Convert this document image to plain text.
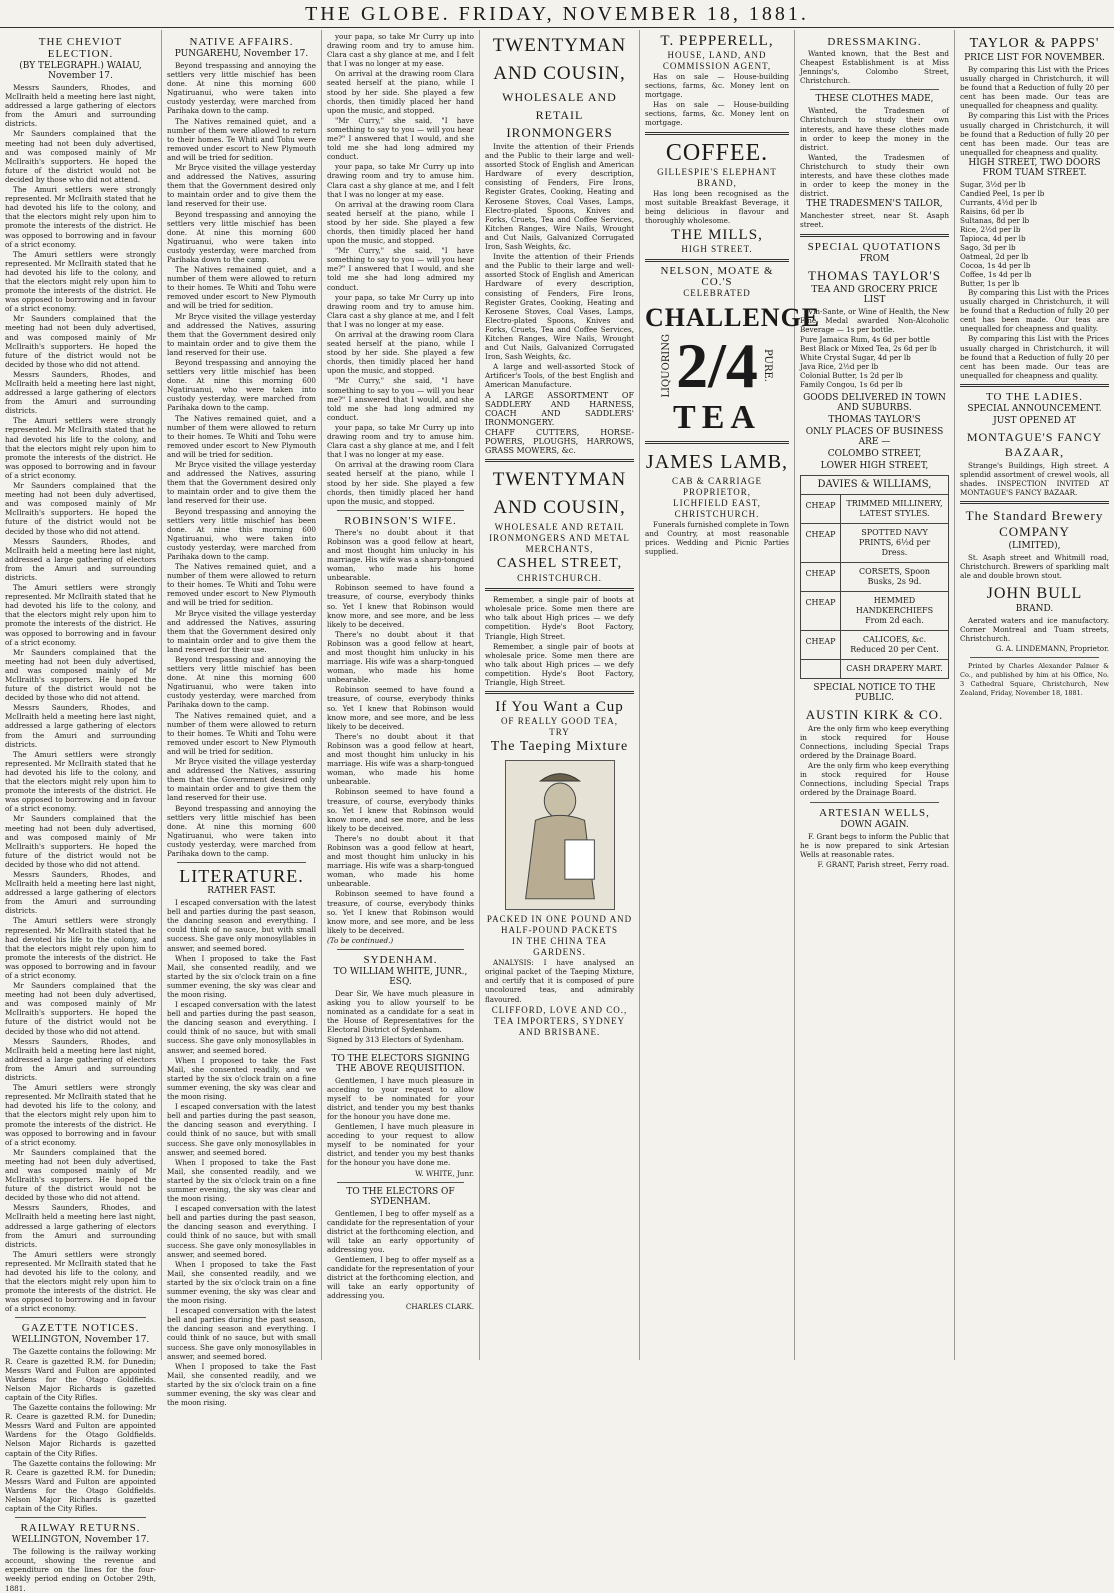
THE GLOBE. FRIDAY, NOVEMBER 18, 1881.
THE CHEVIOT ELECTION.
(BY TELEGRAPH.) WAIAU, November 17.

Messrs Saunders, Rhodes, and McIlraith held a meeting here last night, addressed a large gathering of electors from the Amuri and surrounding districts.

Mr Saunders complained that the meeting had not been duly advertised, and was composed mainly of Mr McIlraith's supporters. He hoped the future of the district would not be decided by those who did not attend.

The Amuri settlers were strongly represented. Mr McIlraith stated that he had devoted his life to the colony, and that the electors might rely upon him to promote the interests of the district. He was opposed to borrowing and in favour of a strict economy.

The Amuri settlers were strongly represented. Mr McIlraith stated that he had devoted his life to the colony, and that the electors might rely upon him to promote the interests of the district. He was opposed to borrowing and in favour of a strict economy.

Mr Saunders complained that the meeting had not been duly advertised, and was composed mainly of Mr McIlraith's supporters. He hoped the future of the district would not be decided by those who did not attend.

Messrs Saunders, Rhodes, and McIlraith held a meeting here last night, addressed a large gathering of electors from the Amuri and surrounding districts.

The Amuri settlers were strongly represented. Mr McIlraith stated that he had devoted his life to the colony, and that the electors might rely upon him to promote the interests of the district. He was opposed to borrowing and in favour of a strict economy.

Mr Saunders complained that the meeting had not been duly advertised, and was composed mainly of Mr McIlraith's supporters. He hoped the future of the district would not be decided by those who did not attend.

Messrs Saunders, Rhodes, and McIlraith held a meeting here last night, addressed a large gathering of electors from the Amuri and surrounding districts.

The Amuri settlers were strongly represented. Mr McIlraith stated that he had devoted his life to the colony, and that the electors might rely upon him to promote the interests of the district. He was opposed to borrowing and in favour of a strict economy.

Mr Saunders complained that the meeting had not been duly advertised, and was composed mainly of Mr McIlraith's supporters. He hoped the future of the district would not be decided by those who did not attend.

Messrs Saunders, Rhodes, and McIlraith held a meeting here last night, addressed a large gathering of electors from the Amuri and surrounding districts.

The Amuri settlers were strongly represented. Mr McIlraith stated that he had devoted his life to the colony, and that the electors might rely upon him to promote the interests of the district. He was opposed to borrowing and in favour of a strict economy.

Mr Saunders complained that the meeting had not been duly advertised, and was composed mainly of Mr McIlraith's supporters. He hoped the future of the district would not be decided by those who did not attend.

Messrs Saunders, Rhodes, and McIlraith held a meeting here last night, addressed a large gathering of electors from the Amuri and surrounding districts.

The Amuri settlers were strongly represented. Mr McIlraith stated that he had devoted his life to the colony, and that the electors might rely upon him to promote the interests of the district. He was opposed to borrowing and in favour of a strict economy.

Mr Saunders complained that the meeting had not been duly advertised, and was composed mainly of Mr McIlraith's supporters. He hoped the future of the district would not be decided by those who did not attend.

Messrs Saunders, Rhodes, and McIlraith held a meeting here last night, addressed a large gathering of electors from the Amuri and surrounding districts.

The Amuri settlers were strongly represented. Mr McIlraith stated that he had devoted his life to the colony, and that the electors might rely upon him to promote the interests of the district. He was opposed to borrowing and in favour of a strict economy.

Mr Saunders complained that the meeting had not been duly advertised, and was composed mainly of Mr McIlraith's supporters. He hoped the future of the district would not be decided by those who did not attend.

Messrs Saunders, Rhodes, and McIlraith held a meeting here last night, addressed a large gathering of electors from the Amuri and surrounding districts.

The Amuri settlers were strongly represented. Mr McIlraith stated that he had devoted his life to the colony, and that the electors might rely upon him to promote the interests of the district. He was opposed to borrowing and in favour of a strict economy.

GAZETTE NOTICES.
WELLINGTON, November 17.

The Gazette contains the following: Mr R. Ceare is gazetted R.M. for Dunedin; Messrs Ward and Fulton are appointed Wardens for the Otago Goldfields. Nelson Major Richards is gazetted captain of the City Rifles.

The Gazette contains the following: Mr R. Ceare is gazetted R.M. for Dunedin; Messrs Ward and Fulton are appointed Wardens for the Otago Goldfields. Nelson Major Richards is gazetted captain of the City Rifles.

The Gazette contains the following: Mr R. Ceare is gazetted R.M. for Dunedin; Messrs Ward and Fulton are appointed Wardens for the Otago Goldfields. Nelson Major Richards is gazetted captain of the City Rifles.

RAILWAY RETURNS.
WELLINGTON, November 17.

The following is the railway working account, showing the revenue and expenditure on the lines for the four-weekly period ending on October 29th, 1881.

NATIVE AFFAIRS.
PUNGAREHU, November 17.

Beyond trespassing and annoying the settlers very little mischief has been done. At nine this morning 600 Ngatiruanui, who were taken into custody yesterday, were marched from Parihaka down to the camp.

The Natives remained quiet, and a number of them were allowed to return to their homes. Te Whiti and Tohu were removed under escort to New Plymouth and will be tried for sedition.

Mr Bryce visited the village yesterday and addressed the Natives, assuring them that the Government desired only to maintain order and to give them the land reserved for their use.

Beyond trespassing and annoying the settlers very little mischief has been done. At nine this morning 600 Ngatiruanui, who were taken into custody yesterday, were marched from Parihaka down to the camp.

The Natives remained quiet, and a number of them were allowed to return to their homes. Te Whiti and Tohu were removed under escort to New Plymouth and will be tried for sedition.

Mr Bryce visited the village yesterday and addressed the Natives, assuring them that the Government desired only to maintain order and to give them the land reserved for their use.

Beyond trespassing and annoying the settlers very little mischief has been done. At nine this morning 600 Ngatiruanui, who were taken into custody yesterday, were marched from Parihaka down to the camp.

The Natives remained quiet, and a number of them were allowed to return to their homes. Te Whiti and Tohu were removed under escort to New Plymouth and will be tried for sedition.

Mr Bryce visited the village yesterday and addressed the Natives, assuring them that the Government desired only to maintain order and to give them the land reserved for their use.

Beyond trespassing and annoying the settlers very little mischief has been done. At nine this morning 600 Ngatiruanui, who were taken into custody yesterday, were marched from Parihaka down to the camp.

The Natives remained quiet, and a number of them were allowed to return to their homes. Te Whiti and Tohu were removed under escort to New Plymouth and will be tried for sedition.

Mr Bryce visited the village yesterday and addressed the Natives, assuring them that the Government desired only to maintain order and to give them the land reserved for their use.

Beyond trespassing and annoying the settlers very little mischief has been done. At nine this morning 600 Ngatiruanui, who were taken into custody yesterday, were marched from Parihaka down to the camp.

The Natives remained quiet, and a number of them were allowed to return to their homes. Te Whiti and Tohu were removed under escort to New Plymouth and will be tried for sedition.

Mr Bryce visited the village yesterday and addressed the Natives, assuring them that the Government desired only to maintain order and to give them the land reserved for their use.

Beyond trespassing and annoying the settlers very little mischief has been done. At nine this morning 600 Ngatiruanui, who were taken into custody yesterday, were marched from Parihaka down to the camp.

LITERATURE.
RATHER FAST.

I escaped conversation with the latest bell and parties during the past season, the dancing season and everything. I could think of no sauce, but with small success. She gave only monosyllables in answer, and seemed bored.

When I proposed to take the Fast Mail, she consented readily, and we started by the six o'clock train on a fine summer evening, the sky was clear and the moon rising.

I escaped conversation with the latest bell and parties during the past season, the dancing season and everything. I could think of no sauce, but with small success. She gave only monosyllables in answer, and seemed bored.

When I proposed to take the Fast Mail, she consented readily, and we started by the six o'clock train on a fine summer evening, the sky was clear and the moon rising.

I escaped conversation with the latest bell and parties during the past season, the dancing season and everything. I could think of no sauce, but with small success. She gave only monosyllables in answer, and seemed bored.

When I proposed to take the Fast Mail, she consented readily, and we started by the six o'clock train on a fine summer evening, the sky was clear and the moon rising.

I escaped conversation with the latest bell and parties during the past season, the dancing season and everything. I could think of no sauce, but with small success. She gave only monosyllables in answer, and seemed bored.

When I proposed to take the Fast Mail, she consented readily, and we started by the six o'clock train on a fine summer evening, the sky was clear and the moon rising.

I escaped conversation with the latest bell and parties during the past season, the dancing season and everything. I could think of no sauce, but with small success. She gave only monosyllables in answer, and seemed bored.

When I proposed to take the Fast Mail, she consented readily, and we started by the six o'clock train on a fine summer evening, the sky was clear and the moon rising.

your papa, so take Mr Curry up into drawing room and try to amuse him. Clara cast a shy glance at me, and I felt that I was no longer at my ease.

On arrival at the drawing room Clara seated herself at the piano, while I stood by her side. She played a few chords, then timidly placed her hand upon the music, and stopped.

"Mr Curry," she said, "I have something to say to you — will you hear me?" I answered that I would, and she told me she had long admired my conduct.

your papa, so take Mr Curry up into drawing room and try to amuse him. Clara cast a shy glance at me, and I felt that I was no longer at my ease.

On arrival at the drawing room Clara seated herself at the piano, while I stood by her side. She played a few chords, then timidly placed her hand upon the music, and stopped.

"Mr Curry," she said, "I have something to say to you — will you hear me?" I answered that I would, and she told me she had long admired my conduct.

your papa, so take Mr Curry up into drawing room and try to amuse him. Clara cast a shy glance at me, and I felt that I was no longer at my ease.

On arrival at the drawing room Clara seated herself at the piano, while I stood by her side. She played a few chords, then timidly placed her hand upon the music, and stopped.

"Mr Curry," she said, "I have something to say to you — will you hear me?" I answered that I would, and she told me she had long admired my conduct.

your papa, so take Mr Curry up into drawing room and try to amuse him. Clara cast a shy glance at me, and I felt that I was no longer at my ease.

On arrival at the drawing room Clara seated herself at the piano, while I stood by her side. She played a few chords, then timidly placed her hand upon the music, and stopped.

ROBINSON'S WIFE.

There's no doubt about it that Robinson was a good fellow at heart, and most thought him unlucky in his marriage. His wife was a sharp-tongued woman, who made his home unbearable.

Robinson seemed to have found a treasure, of course, everybody thinks so. Yet I knew that Robinson would know more, and see more, and be less likely to be deceived.

There's no doubt about it that Robinson was a good fellow at heart, and most thought him unlucky in his marriage. His wife was a sharp-tongued woman, who made his home unbearable.

Robinson seemed to have found a treasure, of course, everybody thinks so. Yet I knew that Robinson would know more, and see more, and be less likely to be deceived.

There's no doubt about it that Robinson was a good fellow at heart, and most thought him unlucky in his marriage. His wife was a sharp-tongued woman, who made his home unbearable.

Robinson seemed to have found a treasure, of course, everybody thinks so. Yet I knew that Robinson would know more, and see more, and be less likely to be deceived.

There's no doubt about it that Robinson was a good fellow at heart, and most thought him unlucky in his marriage. His wife was a sharp-tongued woman, who made his home unbearable.

Robinson seemed to have found a treasure, of course, everybody thinks so. Yet I knew that Robinson would know more, and see more, and be less likely to be deceived.

(To be continued.)

SYDENHAM.
TO WILLIAM WHITE, JUNR., ESQ.

Dear Sir, We have much pleasure in asking you to allow yourself to be nominated as a candidate for a seat in the House of Representatives for the Electoral District of Sydenham.

Signed by 313 Electors of Sydenham.

TO THE ELECTORS SIGNING THE ABOVE REQUISITION.

Gentlemen, I have much pleasure in acceding to your request to allow myself to be nominated for your district, and tender you my best thanks for the honour you have done me.

Gentlemen, I have much pleasure in acceding to your request to allow myself to be nominated for your district, and tender you my best thanks for the honour you have done me.

W. WHITE, Junr.

TO THE ELECTORS OF SYDENHAM.

Gentlemen, I beg to offer myself as a candidate for the representation of your district at the forthcoming election, and will take an early opportunity of addressing you.

Gentlemen, I beg to offer myself as a candidate for the representation of your district at the forthcoming election, and will take an early opportunity of addressing you.

CHARLES CLARK.

TWENTYMAN AND COUSIN,
WHOLESALE AND RETAIL
IRONMONGERS

Invite the attention of their Friends and the Public to their large and well-assorted Stock of English and American Hardware of every description, consisting of Fenders, Fire Irons, Register Grates, Cooking, Heating and Kerosene Stoves, Coal Vases, Lamps, Electro-plated Spoons, Knives and Forks, Cruets, Tea and Coffee Services, Kitchen Ranges, Wire Nails, Wrought and Cut Nails, Galvanized Corrugated Iron, Sash Weights, &c.

Invite the attention of their Friends and the Public to their large and well-assorted Stock of English and American Hardware of every description, consisting of Fenders, Fire Irons, Register Grates, Cooking, Heating and Kerosene Stoves, Coal Vases, Lamps, Electro-plated Spoons, Knives and Forks, Cruets, Tea and Coffee Services, Kitchen Ranges, Wire Nails, Wrought and Cut Nails, Galvanized Corrugated Iron, Sash Weights, &c.

A large and well-assorted Stock of Artificer's Tools, of the best English and American Manufacture.

A LARGE ASSORTMENT OF SADDLERY AND HARNESS, COACH AND SADDLERS' IRONMONGERY.

CHAFF CUTTERS, HORSE-POWERS, PLOUGHS, HARROWS, GRASS MOWERS, &c.

TWENTYMAN AND COUSIN,
WHOLESALE AND RETAIL IRONMONGERS AND METAL MERCHANTS,
CASHEL STREET,
CHRISTCHURCH.

Remember, a single pair of boots at wholesale price. Some men there are who talk about High prices — we defy competition. Hyde's Boot Factory, Triangle, High Street.

Remember, a single pair of boots at wholesale price. Some men there are who talk about High prices — we defy competition. Hyde's Boot Factory, Triangle, High Street.

If You Want a Cup
OF REALLY GOOD TEA,
TRY
The Taeping Mixture
PACKED IN ONE POUND AND HALF-POUND PACKETS
IN THE CHINA TEA GARDENS.

ANALYSIS: I have analysed an original packet of the Taeping Mixture, and certify that it is composed of pure uncoloured teas, and admirably flavoured.

CLIFFORD, LOVE AND CO., TEA IMPORTERS, SYDNEY AND BRISBANE.
T. PEPPERELL,
HOUSE, LAND, AND COMMISSION AGENT,

Has on sale — House-building sections, farms, &c. Money lent on mortgage.

Has on sale — House-building sections, farms, &c. Money lent on mortgage.

COFFEE.
GILLESPIE'S ELEPHANT BRAND,

Has long been recognised as the most suitable Breakfast Beverage, it being delicious in flavour and thoroughly wholesome.

THE MILLS,
HIGH STREET.
NELSON, MOATE & CO.'S
CELEBRATED
CHALLENGE
LIQUORING 2/4 PURE.
TEA
JAMES LAMB,
CAB & CARRIAGE PROPRIETOR,
LICHFIELD EAST, CHRISTCHURCH.

Funerals furnished complete in Town and Country, at most reasonable prices. Wedding and Picnic Parties supplied.

DRESSMAKING.

Wanted known, that the Best and Cheapest Establishment is at Miss Jennings's, Colombo Street, Christchurch.

THESE CLOTHES MADE,

Wanted, the Tradesmen of Christchurch to study their own interests, and have these clothes made in order to keep the money in the district.

Wanted, the Tradesmen of Christchurch to study their own interests, and have these clothes made in order to keep the money in the district.

THE TRADESMEN'S TAILOR,

Manchester street, near St. Asaph street.

SPECIAL QUOTATIONS
FROM
THOMAS TAYLOR'S
TEA AND GROCERY PRICE LIST

Vin-Sante, or Wine of Health, the New Fine Medal awarded Non-Alcoholic Beverage — 1s per bottle.

Pure Jamaica Rum, 4s 6d per bottle
Best Black or Mixed Tea, 2s 6d per lb
White Crystal Sugar, 4d per lb
Java Rice, 2½d per lb
Colonial Butter, 1s 2d per lb
Family Congou, 1s 6d per lb
GOODS DELIVERED IN TOWN AND SUBURBS.
THOMAS TAYLOR'S
ONLY PLACES OF BUSINESS ARE —
COLOMBO STREET,
LOWER HIGH STREET,
DAVIES & WILLIAMS,
CHEAP	TRIMMED MILLINERY, LATEST STYLES.
CHEAP	SPOTTED NAVY PRINTS, 6½d per Dress.
CHEAP	CORSETS, Spoon Busks, 2s 9d.
CHEAP	HEMMED HANDKERCHIEFS From 2d each.
CHEAP	CALICOES, &c. Reduced 20 per Cent.
CASH DRAPERY MART.
SPECIAL NOTICE TO THE PUBLIC.
AUSTIN KIRK & CO.

Are the only firm who keep everything in stock required for House Connections, including Special Traps ordered by the Drainage Board.

Are the only firm who keep everything in stock required for House Connections, including Special Traps ordered by the Drainage Board.

ARTESIAN WELLS,
DOWN AGAIN.

F. Grant begs to inform the Public that he is now prepared to sink Artesian Wells at reasonable rates.

F. GRANT, Parish street, Ferry road.

TAYLOR & PAPPS'
PRICE LIST FOR NOVEMBER.

By comparing this List with the Prices usually charged in Christchurch, it will be found that a Reduction of fully 20 per cent has been made. Our teas are unequalled for cheapness and quality.

By comparing this List with the Prices usually charged in Christchurch, it will be found that a Reduction of fully 20 per cent has been made. Our teas are unequalled for cheapness and quality.

HIGH STREET, TWO DOORS FROM TUAM STREET.
Sugar, 3½d per lb
Candied Peel, 1s per lb
Currants, 4½d per lb
Raisins, 6d per lb
Sultanas, 8d per lb
Rice, 2½d per lb
Tapioca, 4d per lb
Sago, 3d per lb
Oatmeal, 2d per lb
Cocoa, 1s 4d per lb
Coffee, 1s 4d per lb
Butter, 1s per lb

By comparing this List with the Prices usually charged in Christchurch, it will be found that a Reduction of fully 20 per cent has been made. Our teas are unequalled for cheapness and quality.

By comparing this List with the Prices usually charged in Christchurch, it will be found that a Reduction of fully 20 per cent has been made. Our teas are unequalled for cheapness and quality.

TO THE LADIES.
SPECIAL ANNOUNCEMENT.
JUST OPENED AT
MONTAGUE'S FANCY BAZAAR,

Strange's Buildings, High street. A splendid assortment of crewel wools, all shades. INSPECTION INVITED AT MONTAGUE'S FANCY BAZAAR.

The Standard Brewery COMPANY
(LIMITED),

St. Asaph street and Whitmill road, Christchurch. Brewers of sparkling malt ale and double brown stout.

JOHN BULL
BRAND.

Aerated waters and ice manufactory. Corner Montreal and Tuam streets, Christchurch.

G. A. LINDEMANN, Proprietor.

Printed by Charles Alexander Palmer & Co., and published by him at his Office, No. 3 Cathedral Square, Christchurch, New Zealand, Friday, November 18, 1881.
